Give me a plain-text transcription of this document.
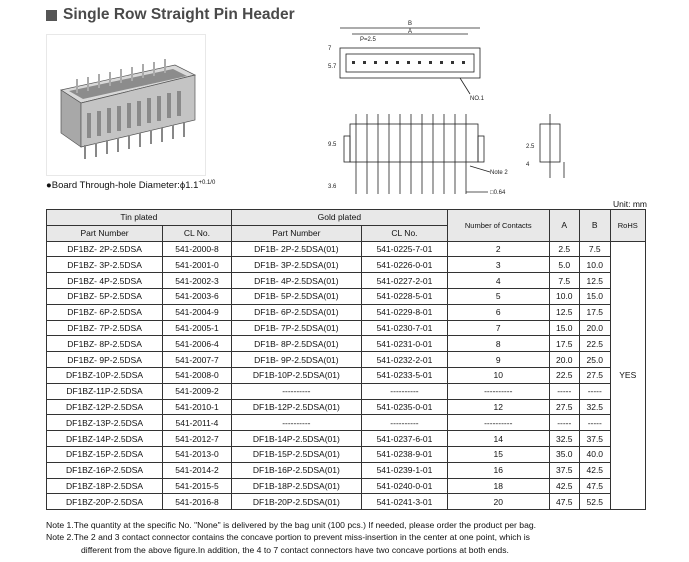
Single Row Straight Pin Header
●Board Through-hole $Diameter:\phi 1.1^{+0.1/0}$
B
A
P=2.5
5.7
7
NO.1
9.5
3.6
Note 2
□0.64
2.5
4
Unit: mm
Tin plated		Gold plated		Number of Contacts	A	B	RoHS
Part Number	CL No.	Part Number	CL No.				
DF1BZ- 2P-2.5DSA	541-2000-8	DF1B- 2P-2.5DSA(01)	541-0225-7-01	2	2.5	7.5	YES
DF1BZ- 3P-2.5DSA	541-2001-0	DF1B- 3P-2.5DSA(01)	541-0226-0-01	3	5.0	10.0	
DF1BZ- 4P-2.5DSA	541-2002-3	DF1B- 4P-2.5DSA(01)	541-0227-2-01	4	7.5	12.5	
DF1BZ- 5P-2.5DSA	541-2003-6	DF1B- 5P-2.5DSA(01)	541-0228-5-01	5	10.0	15.0	
DF1BZ- 6P-2.5DSA	541-2004-9	DF1B- 6P-2.5DSA(01)	541-0229-8-01	6	12.5	17.5	
DF1BZ- 7P-2.5DSA	541-2005-1	DF1B- 7P-2.5DSA(01)	541-0230-7-01	7	15.0	20.0	
DF1BZ- 8P-2.5DSA	541-2006-4	DF1B- 8P-2.5DSA(01)	541-0231-0-01	8	17.5	22.5	
DF1BZ- 9P-2.5DSA	541-2007-7	DF1B- 9P-2.5DSA(01)	541-0232-2-01	9	20.0	25.0	
DF1BZ-10P-2.5DSA	541-2008-0	DF1B-10P-2.5DSA(01)	541-0233-5-01	10	22.5	27.5	
DF1BZ-11P-2.5DSA	541-2009-2	----------	----------	----------	-----	-----	
DF1BZ-12P-2.5DSA	541-2010-1	DF1B-12P-2.5DSA(01)	541-0235-0-01	12	27.5	32.5	
DF1BZ-13P-2.5DSA	541-2011-4	----------	----------	----------	-----	-----	
DF1BZ-14P-2.5DSA	541-2012-7	DF1B-14P-2.5DSA(01)	541-0237-6-01	14	32.5	37.5	
DF1BZ-15P-2.5DSA	541-2013-0	DF1B-15P-2.5DSA(01)	541-0238-9-01	15	35.0	40.0	
DF1BZ-16P-2.5DSA	541-2014-2	DF1B-16P-2.5DSA(01)	541-0239-1-01	16	37.5	42.5	
DF1BZ-18P-2.5DSA	541-2015-5	DF1B-18P-2.5DSA(01)	541-0240-0-01	18	42.5	47.5	
DF1BZ-20P-2.5DSA	541-2016-8	DF1B-20P-2.5DSA(01)	541-0241-3-01	20	47.5	52.5	
Note 1.The quantity at the specific No. "None" is delivered by the bag unit (100 pcs.) If needed, please order the product per bag.
Note 2.The 2 and 3 contact connector contains the concave portion to prevent miss-insertion in the center at one point, which is
different from the above figure.In addition, the 4 to 7 contact connectors have two concave portions at both ends.
